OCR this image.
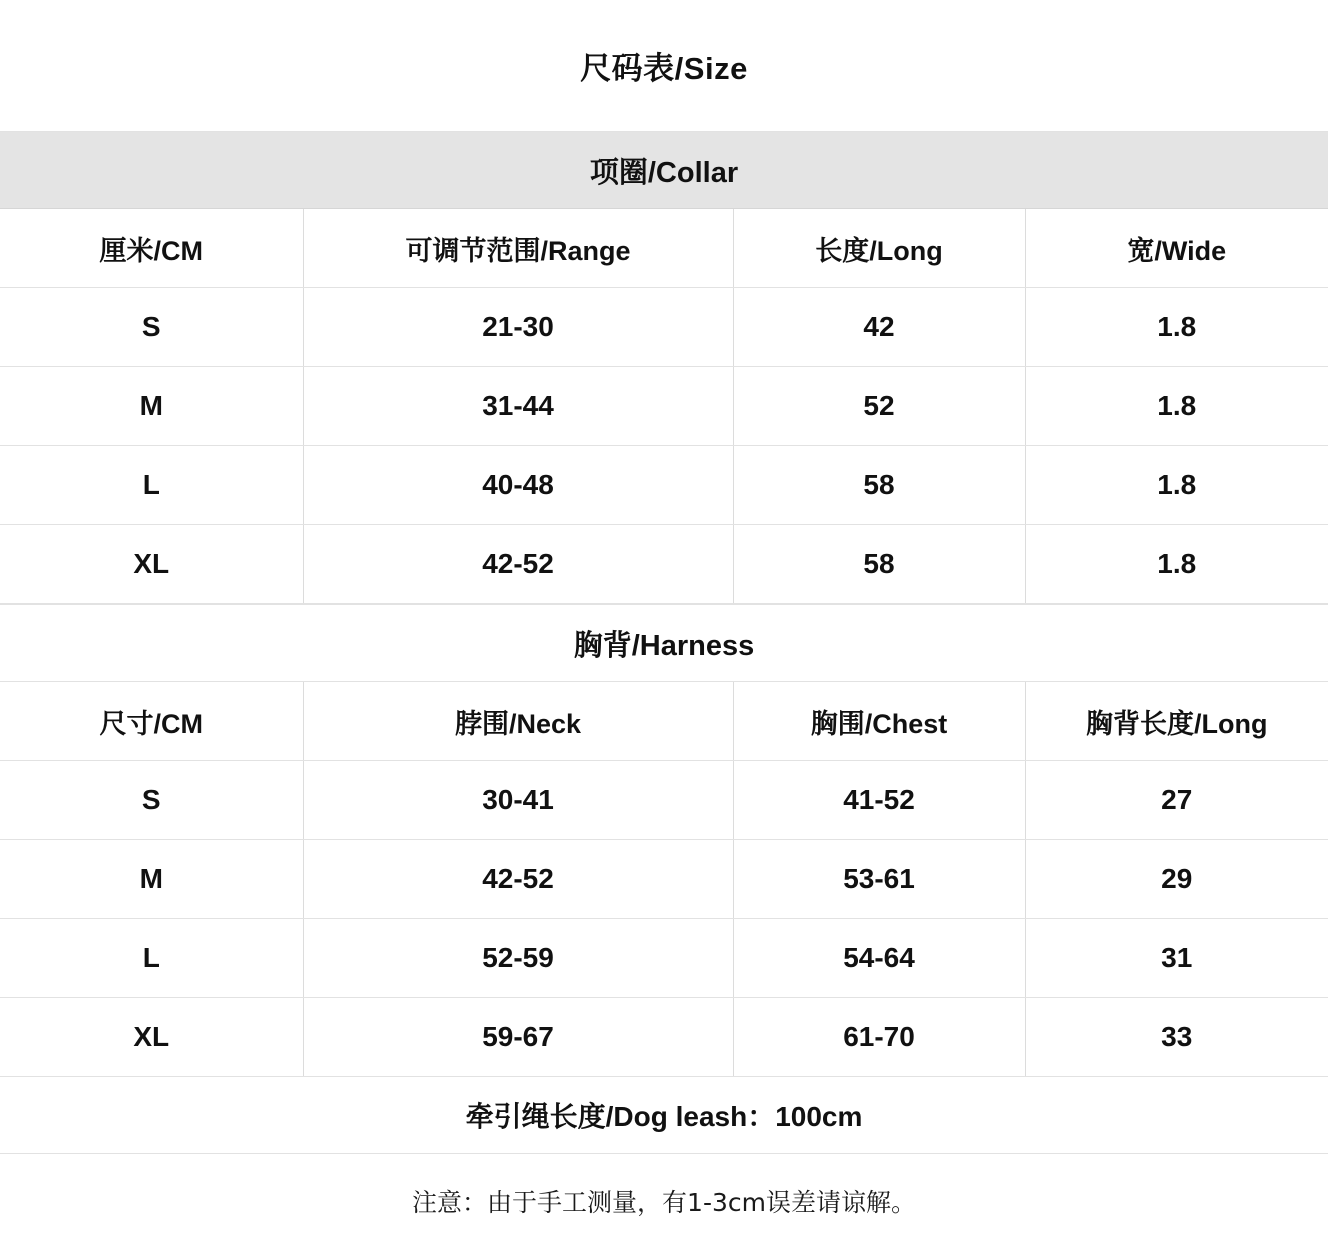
尺码表/Size
项圈/Collar
厘米/CM	可调节范围/Range	长度/Long	宽/Wide
S	21-30	42	1.8
M	31-44	52	1.8
L	40-48	58	1.8
XL	42-52	58	1.8
胸背/Harness
尺寸/CM	脖围/Neck	胸围/Chest	胸背长度/Long
S	30-41	41-52	27
M	42-52	53-61	29
L	52-59	54-64	31
XL	59-67	61-70	33
牵引绳长度/Dog leash：100cm
注意：由于手工测量，有1-3cm误差请谅解。
